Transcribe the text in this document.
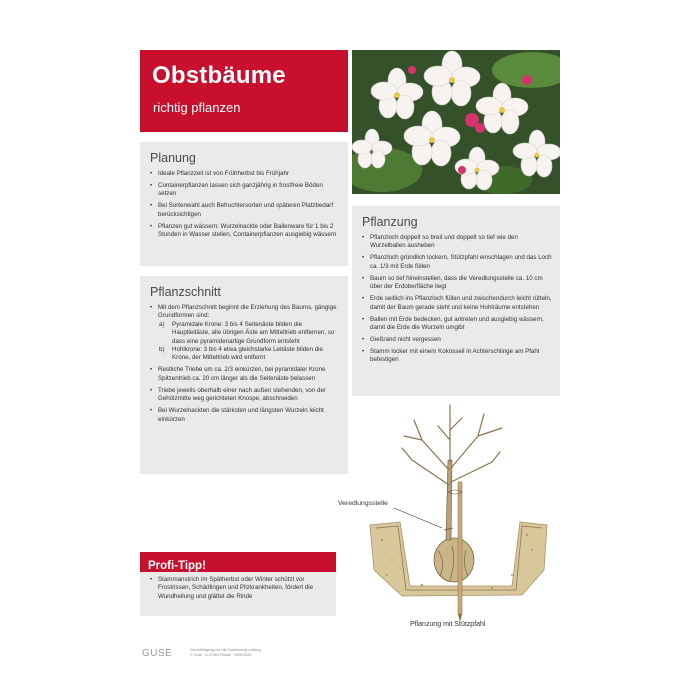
Obstbäume
richtig pflanzen
Planung
• Ideale Pflanzzeit ist von Frühherbst bis Frühjahr
• Containerpflanzen lassen sich ganzjährig in frostfreie Böden setzen
• Bei Sortenwahl auch Befruchtersorten und späteren Platzbedarf berücksichtigen
• Pflanzen gut wässern: Wurzelnackte oder Ballenware für 1 bis 2 Stunden in Wasser stellen, Containerpflanzen ausgiebig wässern
Pflanzschnitt
• Mit dem Pflanzschnitt beginnt die Erziehung des Baums, gängige Grundformen sind:
a) Pyramidale Krone: 3 bis 4 Seitenäste bilden die Hauptleitäste, alle übrigen Äste am Mitteltrieb entfernen, so dass eine pyramidenartige Grundform entsteht
b) Hohlkrone: 3 bis 4 etwa gleichstarke Leitäste bilden die Krone, der Mitteltrieb wird entfernt
• Restliche Triebe um ca. 2/3 einkürzen, bei pyramidaler Krone Spitzentrieb ca. 20 cm länger als die Seitenäste belassen
• Triebe jeweils oberhalb einer nach außen stehenden, von der Gehölzmitte weg gerichteten Knospe, abschneiden
• Bei Wurzelnackten die stärksten und längsten Wurzeln leicht einkürzen
Pflanzung
• Pflanzloch doppelt so breit und doppelt so tief wie den Wurzelballen ausheben
• Pflanzloch gründlich lockern, Stützpfahl einschlagen und das Loch ca. 1/3 mit Erde füllen
• Baum so tief hineinstellen, dass die Veredlungsstelle ca. 10 cm über der Erdoberfläche liegt
• Erde seitlich ins Pflanzloch füllen und zwischendurch leicht rütteln, damit der Baum gerade steht und keine Hohlräume entstehen
• Ballen mit Erde bedecken, gut antreten und ausgiebig wässern, damit die Erde die Wurzeln umgibt
• Gießrand nicht vergessen
• Stamm locker mit einem Kokosseil in Achterschlinge am Pfahl befestigen
Profi-Tipp!
• Stammanstrich im Spätherbst oder Winter schützt vor Frostrissen, Schädlingen und Pilzkrankheiten, fördert die Wundheilung und glättet die Rinde
Veredlungsstelle
Pflanzung mit Stützpfahl
GUSE	Vervielfältigung nur mit Zustimmung zulässig
© Guse · D-27404 Rhade · 1908-0053
